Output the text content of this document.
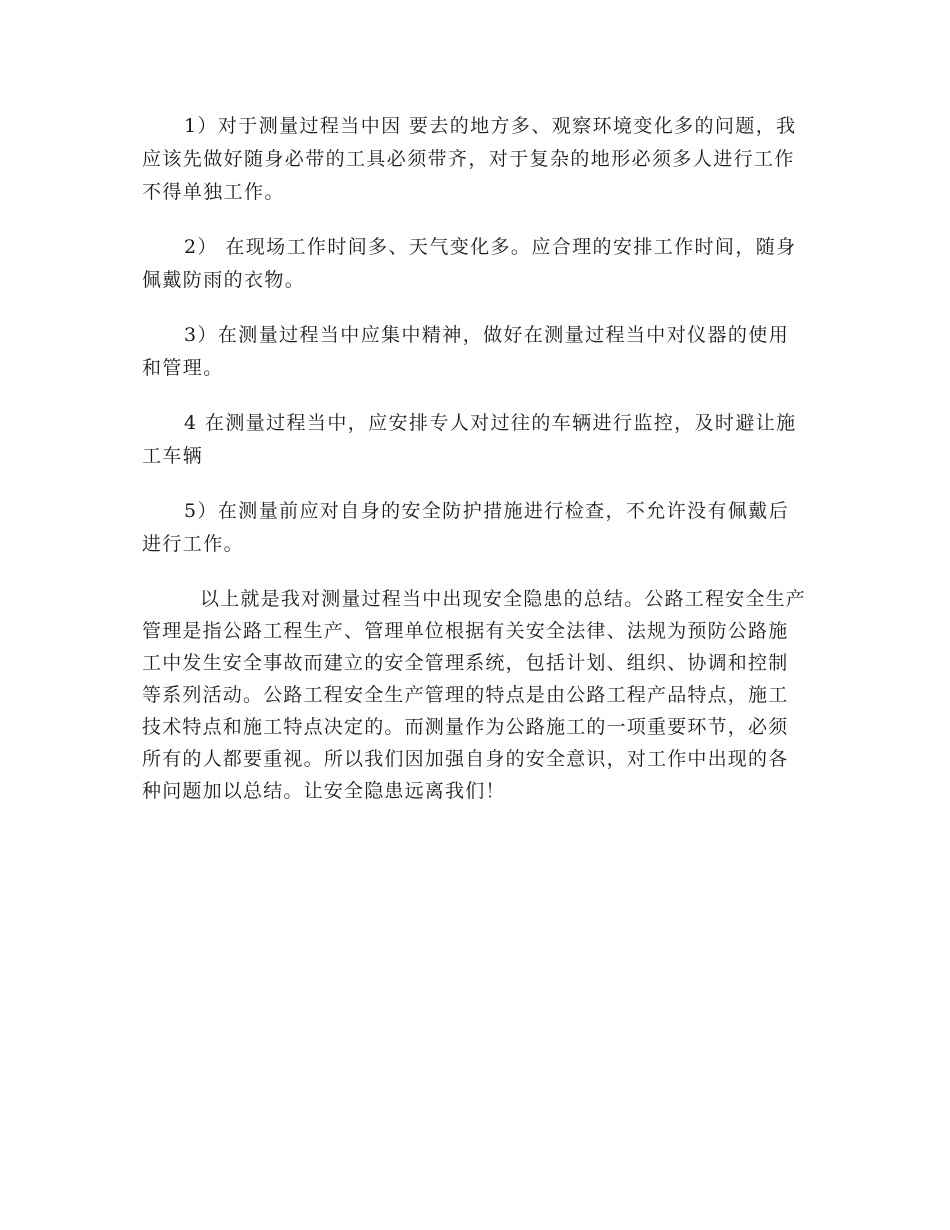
1）对于测量过程当中因 要去的地方多、观察环境变化多的问题，我应该先做好随身必带的工具必须带齐，对于复杂的地形必须多人进行工作不得单独工作。

2） 在现场工作时间多、天气变化多。应合理的安排工作时间，随身佩戴防雨的衣物。

3）在测量过程当中应集中精神，做好在测量过程当中对仪器的使用和管理。

4 在测量过程当中，应安排专人对过往的车辆进行监控，及时避让施工车辆

5）在测量前应对自身的安全防护措施进行检查，不允许没有佩戴后进行工作。

以上就是我对测量过程当中出现安全隐患的总结。公路工程安全生产管理是指公路工程生产、管理单位根据有关安全法律、法规为预防公路施工中发生安全事故而建立的安全管理系统，包括计划、组织、协调和控制等系列活动。公路工程安全生产管理的特点是由公路工程产品特点，施工技术特点和施工特点决定的。而测量作为公路施工的一项重要环节，必须所有的人都要重视。所以我们因加强自身的安全意识，对工作中出现的各种问题加以总结。让安全隐患远离我们！
